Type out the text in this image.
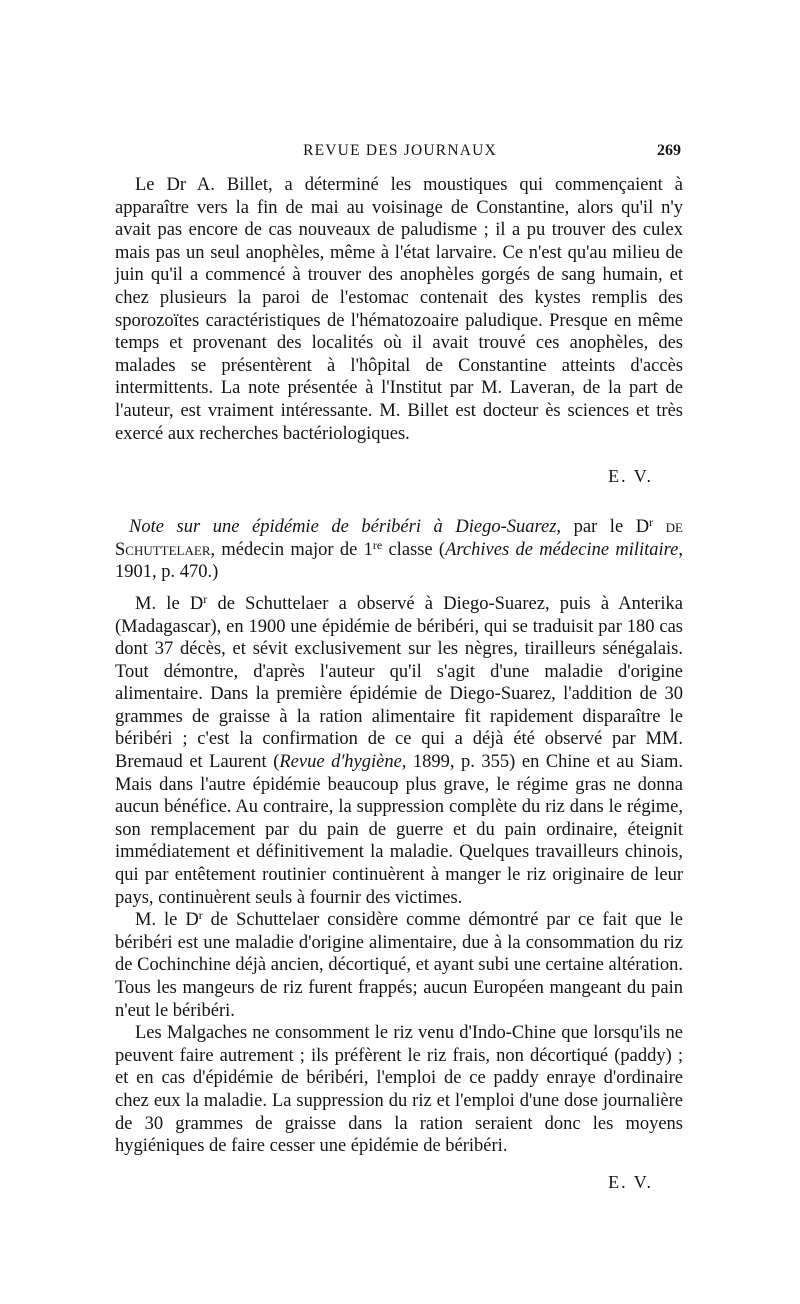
REVUE DES JOURNAUX	269

Le Dr A. Billet, a déterminé les moustiques qui commençaient à apparaître vers la fin de mai au voisinage de Constantine, alors qu'il n'y avait pas encore de cas nouveaux de paludisme ; il a pu trouver des culex mais pas un seul anophèles, même à l'état larvaire. Ce n'est qu'au milieu de juin qu'il a commencé à trouver des anophèles gorgés de sang humain, et chez plusieurs la paroi de l'estomac contenait des kystes remplis des sporozoïtes caractéristiques de l'hématozoaire paludique. Presque en même temps et provenant des localités où il avait trouvé ces anophèles, des malades se présentèrent à l'hôpital de Constantine atteints d'accès intermittents. La note présentée à l'Institut par M. Laveran, de la part de l'auteur, est vraiment intéressante. M. Billet est docteur ès sciences et très exercé aux recherches bactériologiques.

E. V.

Note sur une épidémie de béribéri à Diego-Suarez, par le $D^r$ de Schuttelaer, médecin major de 1re classe (Archives de médecine militaire, 1901, p. 470.)

M. le $D^r$ de Schuttelaer a observé à Diego-Suarez, puis à Anterika (Madagascar), en 1900 une épidémie de béribéri, qui se traduisit par 180 cas dont 37 décès, et sévit exclusivement sur les nègres, tirailleurs sénégalais. Tout démontre, d'après l'auteur qu'il s'agit d'une maladie d'origine alimentaire. Dans la première épidémie de Diego-Suarez, l'addition de 30 grammes de graisse à la ration alimentaire fit rapidement disparaître le béribéri ; c'est la confirmation de ce qui a déjà été observé par MM. Bremaud et Laurent (Revue d'hygiène, 1899, p. 355) en Chine et au Siam. Mais dans l'autre épidémie beaucoup plus grave, le régime gras ne donna aucun bénéfice. Au contraire, la suppression complète du riz dans le régime, son remplacement par du pain de guerre et du pain ordinaire, éteignit immédiatement et définitivement la maladie. Quelques travailleurs chinois, qui par entêtement routinier continuèrent à manger le riz originaire de leur pays, continuèrent seuls à fournir des victimes.

M. le $D^r$ de Schuttelaer considère comme démontré par ce fait que le béribéri est une maladie d'origine alimentaire, due à la consommation du riz de Cochinchine déjà ancien, décortiqué, et ayant subi une certaine altération. Tous les mangeurs de riz furent frappés; aucun Européen mangeant du pain n'eut le béribéri.

Les Malgaches ne consomment le riz venu d'Indo-Chine que lorsqu'ils ne peuvent faire autrement ; ils préfèrent le riz frais, non décortiqué (paddy) ; et en cas d'épidémie de béribéri, l'emploi de ce paddy enraye d'ordinaire chez eux la maladie. La suppression du riz et l'emploi d'une dose journalière de 30 grammes de graisse dans la ration seraient donc les moyens hygiéniques de faire cesser une épidémie de béribéri.

E. V.
